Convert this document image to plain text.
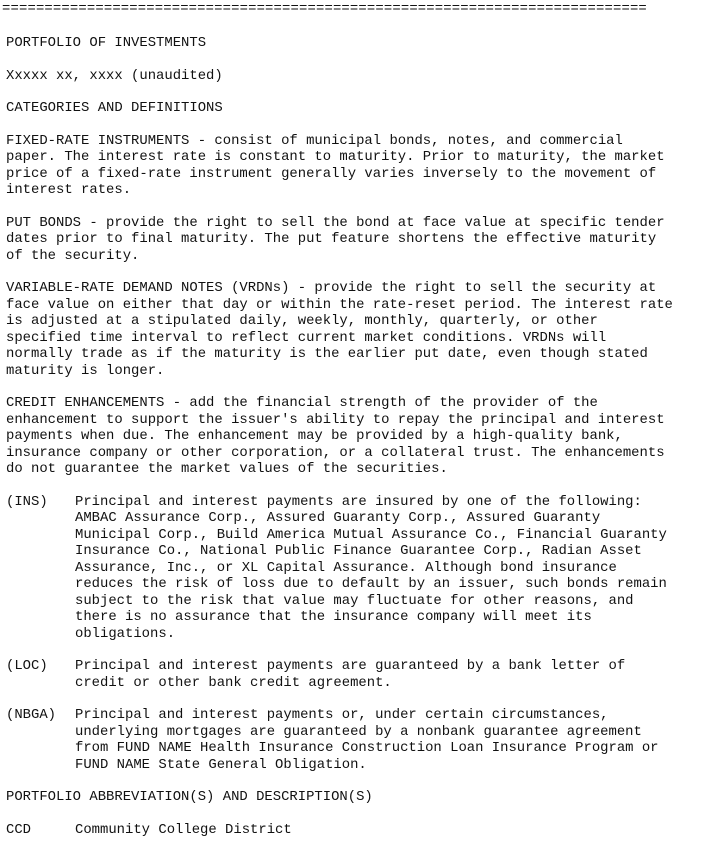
============================================================================

PORTFOLIO OF INVESTMENTS

Xxxxx xx, xxxx (unaudited)

CATEGORIES AND DEFINITIONS

FIXED-RATE INSTRUMENTS - consist of municipal bonds, notes, and commercial
paper. The interest rate is constant to maturity. Prior to maturity, the market
price of a fixed-rate instrument generally varies inversely to the movement of
interest rates.

PUT BONDS - provide the right to sell the bond at face value at specific tender
dates prior to final maturity. The put feature shortens the effective maturity
of the security.

VARIABLE-RATE DEMAND NOTES (VRDNs) - provide the right to sell the security at
face value on either that day or within the rate-reset period. The interest rate
is adjusted at a stipulated daily, weekly, monthly, quarterly, or other
specified time interval to reflect current market conditions. VRDNs will
normally trade as if the maturity is the earlier put date, even though stated
maturity is longer.

CREDIT ENHANCEMENTS - add the financial strength of the provider of the
enhancement to support the issuer's ability to repay the principal and interest
payments when due. The enhancement may be provided by a high-quality bank,
insurance company or other corporation, or a collateral trust. The enhancements
do not guarantee the market values of the securities.

(INS)	Principal and interest payments are insured by one of the following:
AMBAC Assurance Corp., Assured Guaranty Corp., Assured Guaranty
Municipal Corp., Build America Mutual Assurance Co., Financial Guaranty
Insurance Co., National Public Finance Guarantee Corp., Radian Asset
Assurance, Inc., or XL Capital Assurance. Although bond insurance
reduces the risk of loss due to default by an issuer, such bonds remain
subject to the risk that value may fluctuate for other reasons, and
there is no assurance that the insurance company will meet its
obligations.
(LOC)	Principal and interest payments are guaranteed by a bank letter of
credit or other bank credit agreement.
(NBGA)	Principal and interest payments or, under certain circumstances,
underlying mortgages are guaranteed by a nonbank guarantee agreement
from FUND NAME Health Insurance Construction Loan Insurance Program or
FUND NAME State General Obligation.

PORTFOLIO ABBREVIATION(S) AND DESCRIPTION(S)

CCD	Community College District
